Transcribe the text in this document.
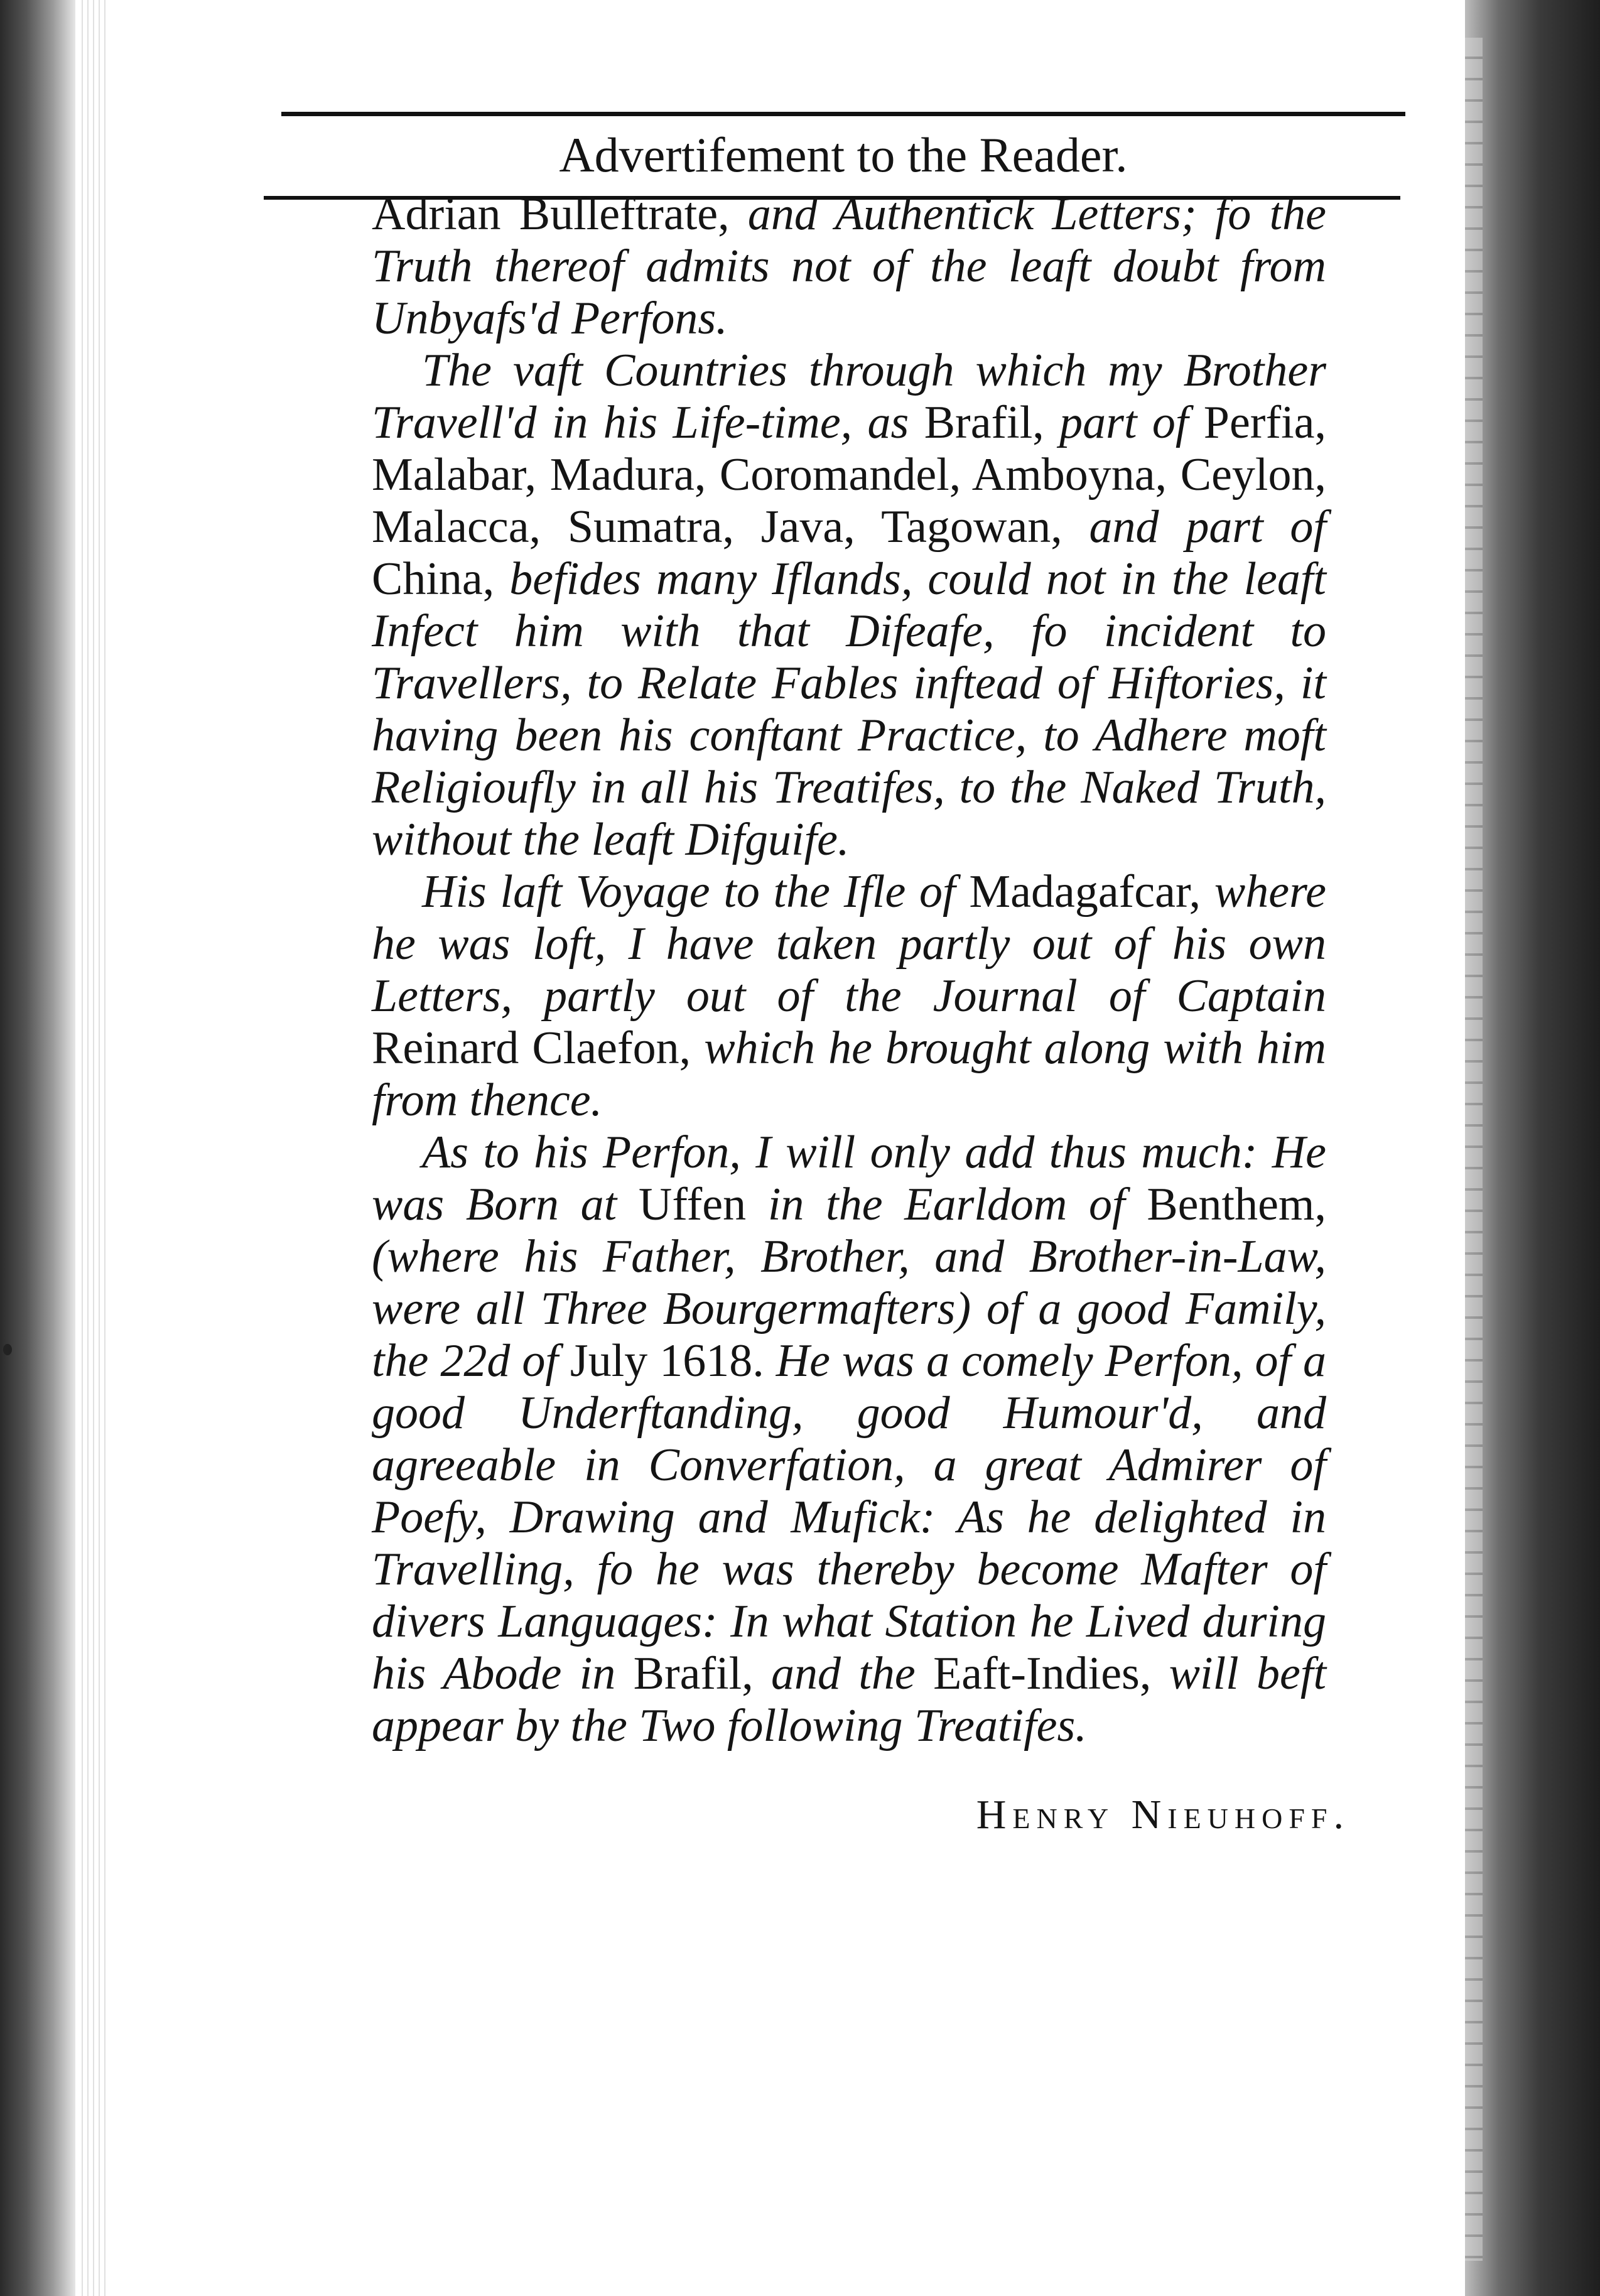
Advertifement to the Reader.

Adrian Bulleftrate, and Authentick Letters; fo the Truth thereof admits not of the leaft doubt from Unbyafs'd Perfons.

The vaft Countries through which my Brother Travell'd in his Life-time, as Brafil, part of Perfia, Malabar, Madura, Coromandel, Amboyna, Ceylon, Malacca, Sumatra, Java, Tagowan, and part of China, befides many Iflands, could not in the leaft Infect him with that Difeafe, fo incident to Travellers, to Relate Fables inftead of Hiftories, it having been his conftant Practice, to Adhere moft Religioufly in all his Treatifes, to the Naked Truth, without the leaft Difguife.

His laft Voyage to the Ifle of Madagafcar, where he was loft, I have taken partly out of his own Letters, partly out of the Journal of Captain Reinard Claefon, which he brought along with him from thence.

As to his Perfon, I will only add thus much: He was Born at Uffen in the Earldom of Benthem, (where his Father, Brother, and Brother-in-Law, were all Three Bourgermafters) of a good Family, the 22d of July 1618. He was a comely Perfon, of a good Underftanding, good Humour'd, and agreeable in Converfation, a great Admirer of Poefy, Drawing and Mufick: As he delighted in Travelling, fo he was thereby become Mafter of divers Languages: In what Station he Lived during his Abode in Brafil, and the Eaft-Indies, will beft appear by the Two following Treatifes.

Henry Nieuhoff.
